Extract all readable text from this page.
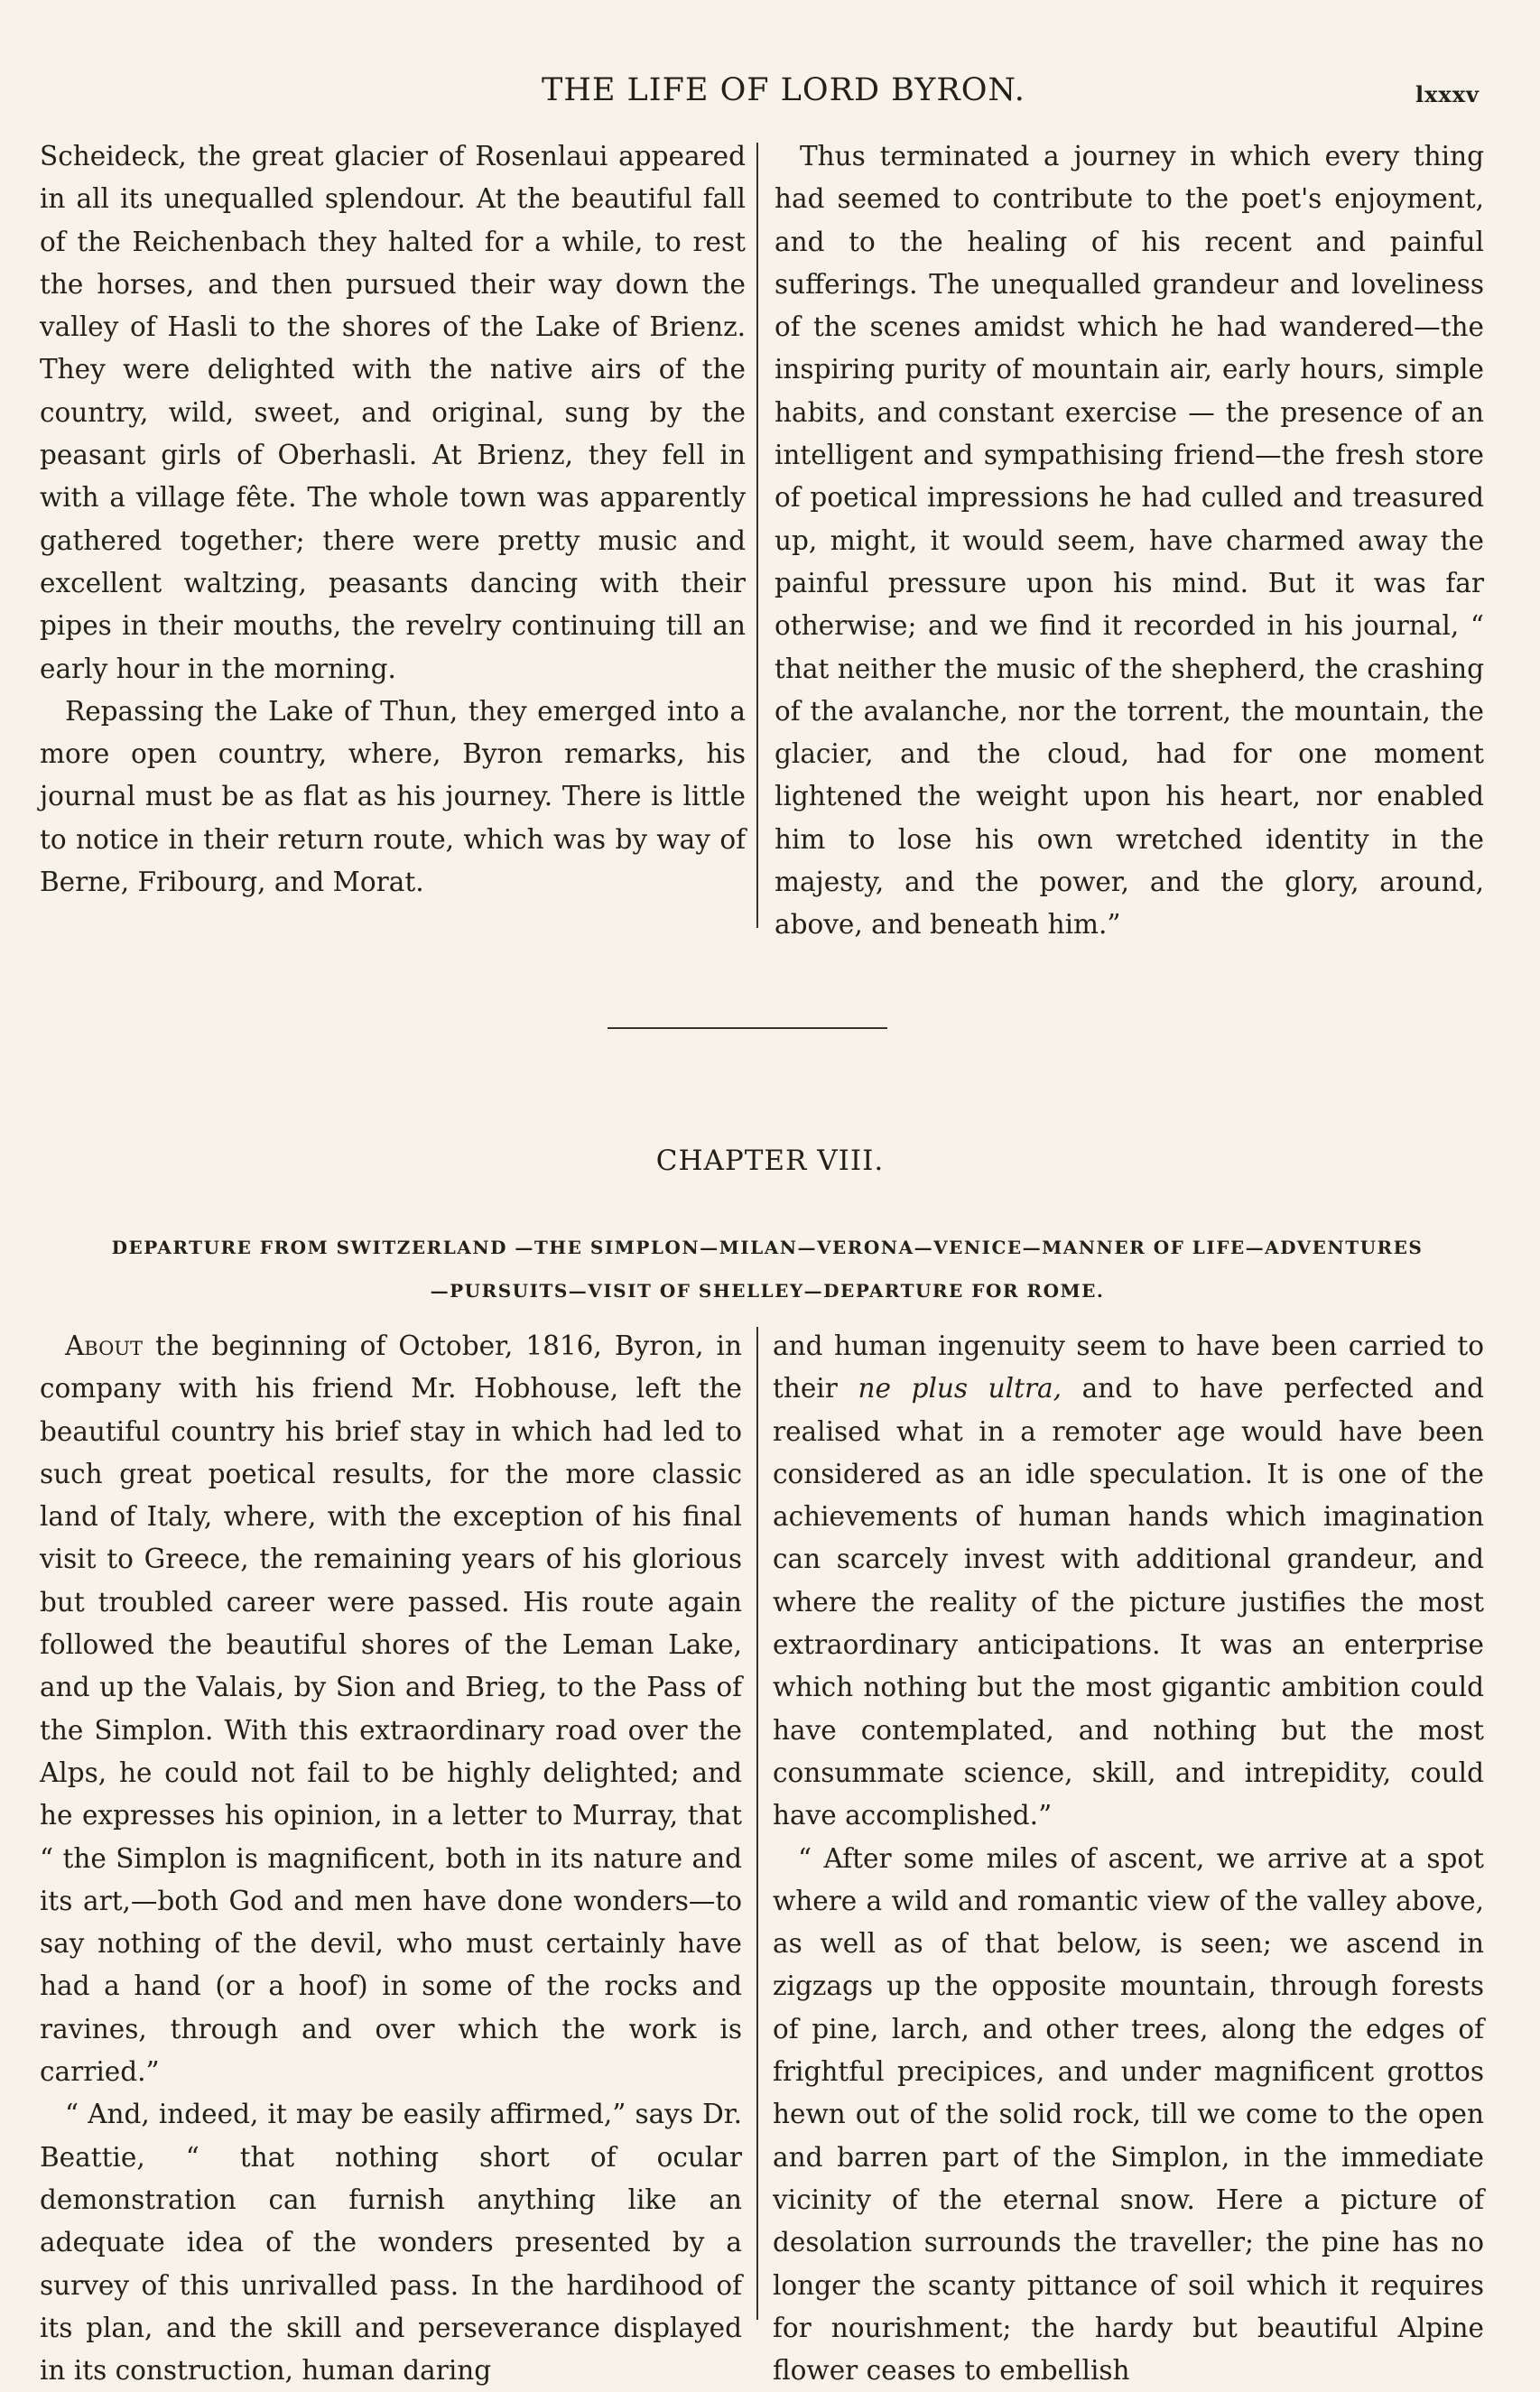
THE LIFE OF LORD BYRON.	lxxxv

Scheideck, the great glacier of Rosenlaui appeared in all its unequalled splendour. At the beautiful fall of the Reichenbach they halted for a while, to rest the horses, and then pursued their way down the valley of Hasli to the shores of the Lake of Brienz. They were delighted with the native airs of the country, wild, sweet, and original, sung by the peasant girls of Oberhasli. At Brienz, they fell in with a village fête. The whole town was apparently gathered together; there were pretty music and excellent waltzing, peasants dancing with their pipes in their mouths, the revelry continuing till an early hour in the morning.

Repassing the Lake of Thun, they emerged into a more open country, where, Byron remarks, his journal must be as flat as his journey. There is little to notice in their return route, which was by way of Berne, Fribourg, and Morat.

Thus terminated a journey in which every thing had seemed to contribute to the poet's enjoyment, and to the healing of his recent and painful sufferings. The unequalled grandeur and loveliness of the scenes amidst which he had wandered—the inspiring purity of mountain air, early hours, simple habits, and constant exercise — the presence of an intelligent and sympathising friend—the fresh store of poetical impressions he had culled and treasured up, might, it would seem, have charmed away the painful pressure upon his mind. But it was far otherwise; and we find it recorded in his journal, “ that neither the music of the shepherd, the crashing of the avalanche, nor the torrent, the mountain, the glacier, and the cloud, had for one moment lightened the weight upon his heart, nor enabled him to lose his own wretched identity in the majesty, and the power, and the glory, around, above, and beneath him.”

CHAPTER VIII.
DEPARTURE FROM SWITZERLAND —THE SIMPLON—MILAN—VERONA—VENICE—MANNER OF LIFE—ADVENTURES
—PURSUITS—VISIT OF SHELLEY—DEPARTURE FOR ROME.

About the beginning of October, 1816, Byron, in company with his friend Mr. Hobhouse, left the beautiful country his brief stay in which had led to such great poetical results, for the more classic land of Italy, where, with the exception of his final visit to Greece, the remaining years of his glorious but troubled career were passed. His route again followed the beautiful shores of the Leman Lake, and up the Valais, by Sion and Brieg, to the Pass of the Simplon. With this extraordinary road over the Alps, he could not fail to be highly delighted; and he expresses his opinion, in a letter to Murray, that “ the Simplon is magnificent, both in its nature and its art,—both God and men have done wonders—to say nothing of the devil, who must certainly have had a hand (or a hoof) in some of the rocks and ravines, through and over which the work is carried.”

“ And, indeed, it may be easily affirmed,” says Dr. Beattie, “ that nothing short of ocular demonstration can furnish anything like an adequate idea of the wonders presented by a survey of this unrivalled pass. In the hardihood of its plan, and the skill and perseverance displayed in its construction, human daring

and human ingenuity seem to have been carried to their ne plus ultra, and to have perfected and realised what in a remoter age would have been considered as an idle speculation. It is one of the achievements of human hands which imagination can scarcely invest with additional grandeur, and where the reality of the picture justifies the most extraordinary anticipations. It was an enterprise which nothing but the most gigantic ambition could have contemplated, and nothing but the most consummate science, skill, and intrepidity, could have accomplished.”

“ After some miles of ascent, we arrive at a spot where a wild and romantic view of the valley above, as well as of that below, is seen; we ascend in zigzags up the opposite mountain, through forests of pine, larch, and other trees, along the edges of frightful precipices, and under magnificent grottos hewn out of the solid rock, till we come to the open and barren part of the Simplon, in the immediate vicinity of the eternal snow. Here a picture of desolation surrounds the traveller; the pine has no longer the scanty pittance of soil which it requires for nourishment; the hardy but beautiful Alpine flower ceases to embellish
